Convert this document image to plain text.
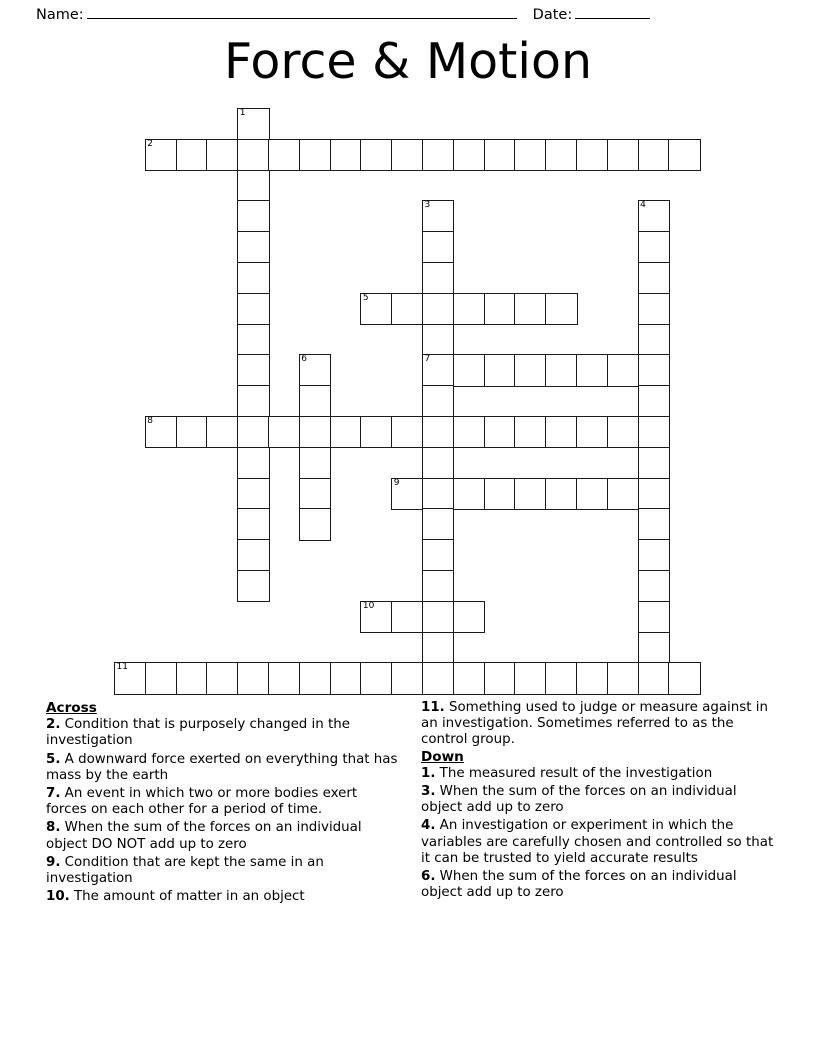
Name:	Date:
Force & Motion
1
2
3	4
5
6	7
8
9
10
11
Across
2. Condition that is purposely changed in the investigation
5. A downward force exerted on everything that has mass by the earth
7. An event in which two or more bodies exert forces on each other for a period of time.
8. When the sum of the forces on an individual object DO NOT add up to zero
9. Condition that are kept the same in an investigation
10. The amount of matter in an object
11. Something used to judge or measure against in an investigation. Sometimes referred to as the control group.
Down
1. The measured result of the investigation
3. When the sum of the forces on an individual object add up to zero
4. An investigation or experiment in which the variables are carefully chosen and controlled so that it can be trusted to yield accurate results
6. When the sum of the forces on an individual object add up to zero
